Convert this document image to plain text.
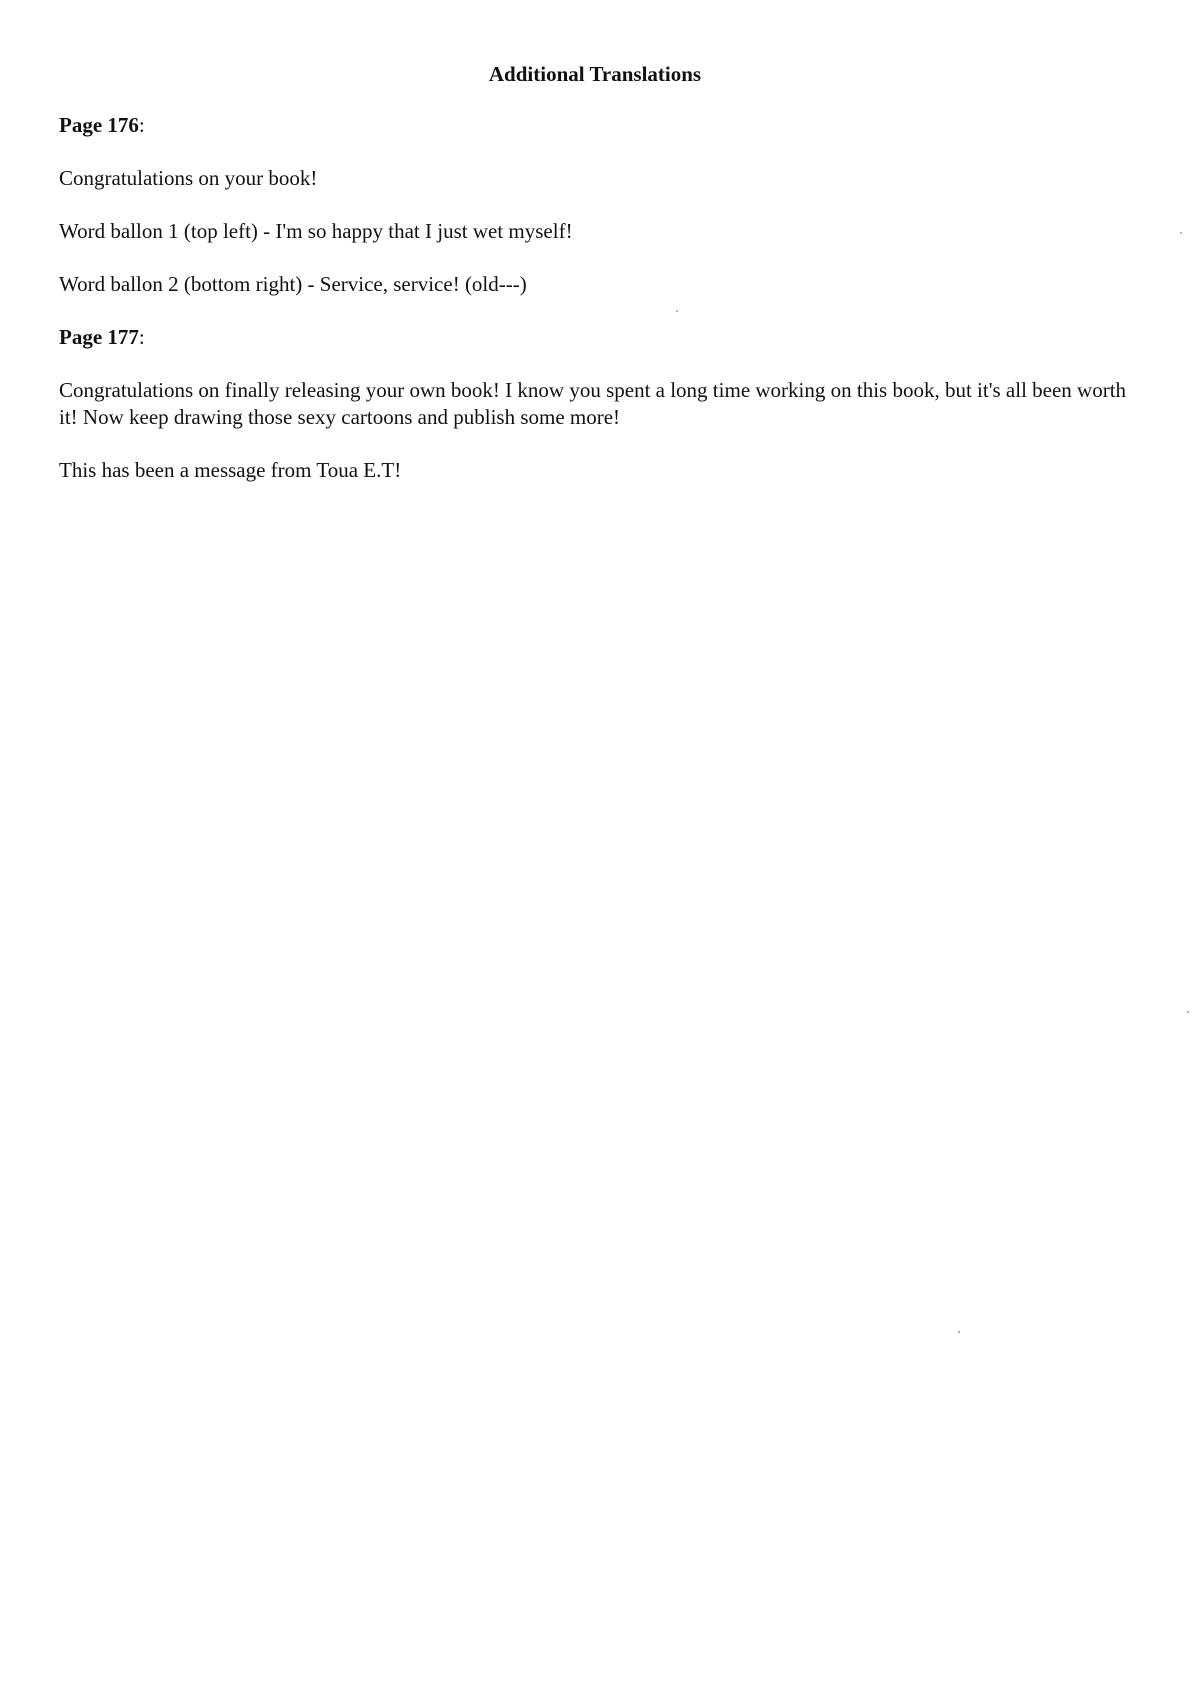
Additional Translations

Page 176:

Congratulations on your book!

Word ballon 1 (top left) - I'm so happy that I just wet myself!

Word ballon 2 (bottom right) - Service, service! (old---)

Page 177:

Congratulations on finally releasing your own book! I know you spent a long time working on this book, but it's all been worth it! Now keep drawing those sexy cartoons and publish some more!

This has been a message from Toua E.T!
